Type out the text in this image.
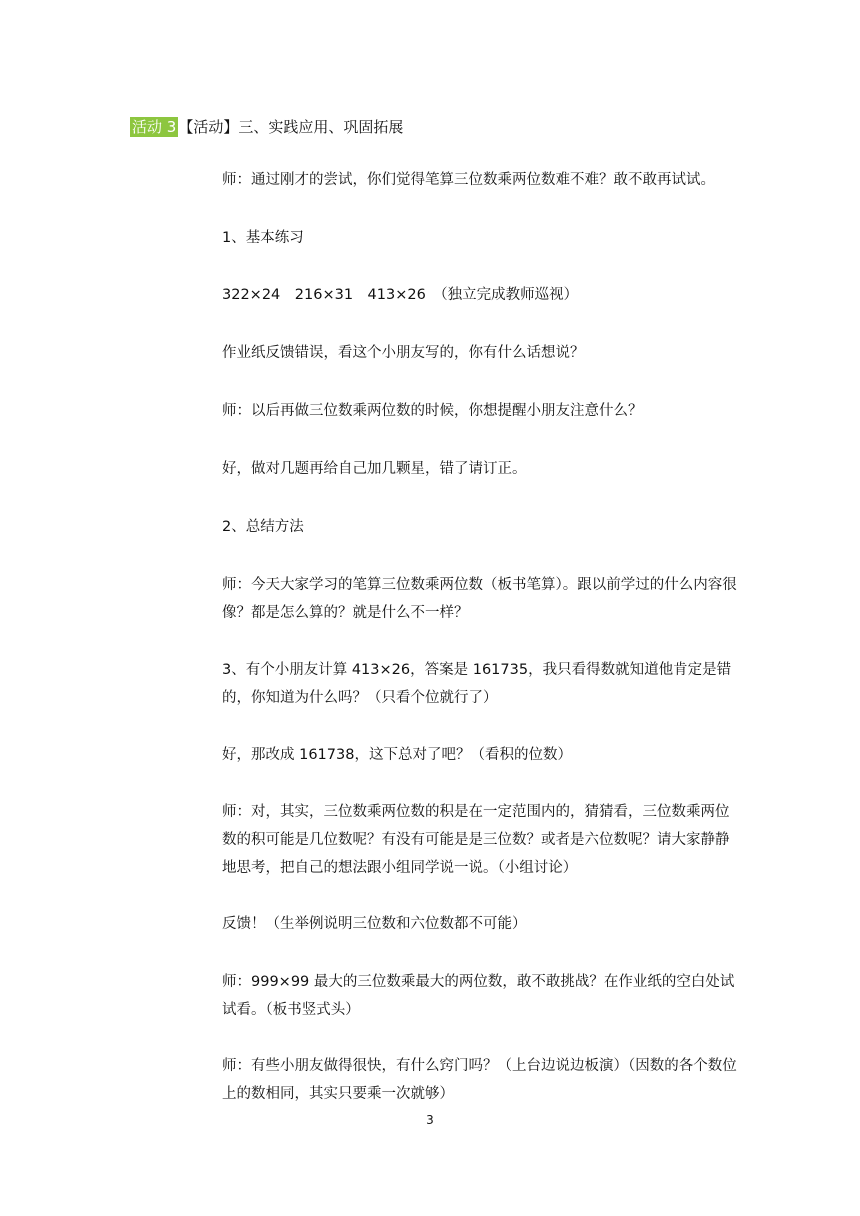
活动 3 【活动】三、实践应用、巩固拓展
师：通过刚才的尝试，你们觉得笔算三位数乘两位数难不难？敢不敢再试试。
1、基本练习
322×24　216×31　413×26　（独立完成教师巡视）
作业纸反馈错误，看这个小朋友写的，你有什么话想说？
师：以后再做三位数乘两位数的时候，你想提醒小朋友注意什么？
好，做对几题再给自己加几颗星，错了请订正。
2、总结方法
师：今天大家学习的笔算三位数乘两位数（板书笔算）。跟以前学过的什么内容很像？都是怎么算的？就是什么不一样？
3、有个小朋友计算 413×26，答案是 161735，我只看得数就知道他肯定是错的，你知道为什么吗？（只看个位就行了）
好，那改成 161738，这下总对了吧？（看积的位数）
师：对，其实，三位数乘两位数的积是在一定范围内的，猜猜看，三位数乘两位数的积可能是几位数呢？有没有可能是是三位数？或者是六位数呢？请大家静静地思考，把自己的想法跟小组同学说一说。（小组讨论）
反馈！（生举例说明三位数和六位数都不可能）
师：999×99 最大的三位数乘最大的两位数，敢不敢挑战？在作业纸的空白处试试看。（板书竖式头）
师：有些小朋友做得很快，有什么窍门吗？（上台边说边板演）（因数的各个数位上的数相同，其实只要乘一次就够）
3
